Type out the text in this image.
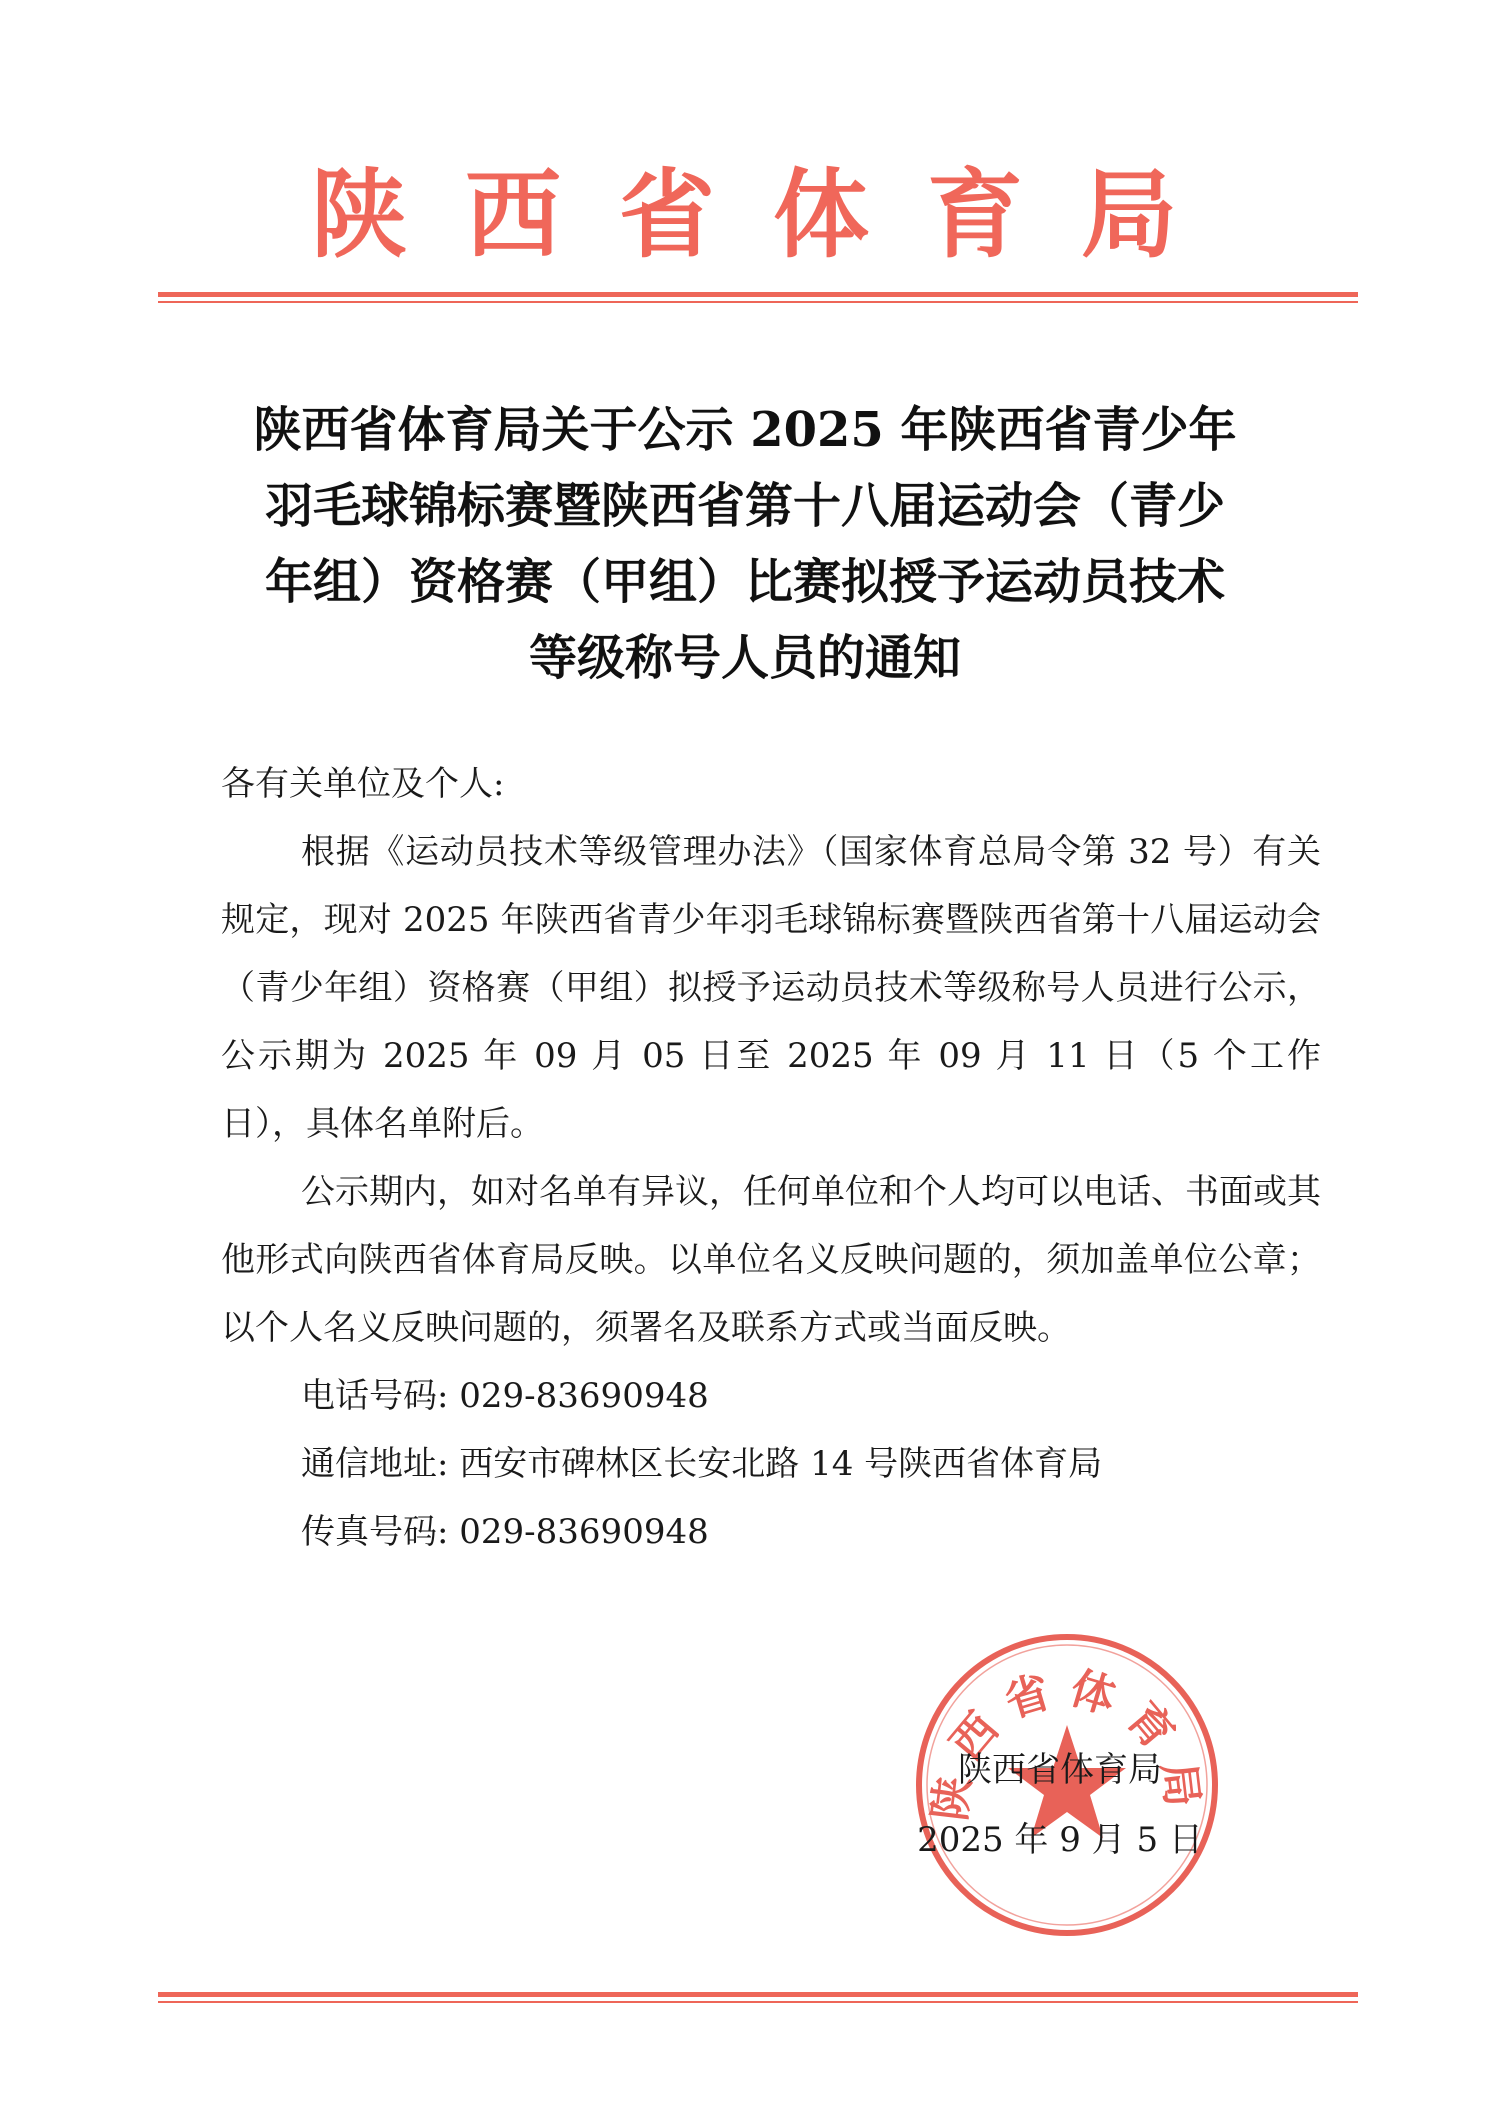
陕西省体育局
陕西省体育局关于公示 2025 年陕西省青少年
羽毛球锦标赛暨陕西省第十八届运动会（青少
年组）资格赛（甲组）比赛拟授予运动员技术
等级称号人员的通知

各有关单位及个人:

根据《运动员技术等级管理办法》（国家体育总局令第 32 号）有关规定，现对 2025 年陕西省青少年羽毛球锦标赛暨陕西省第十八届运动会（青少年组）资格赛（甲组）拟授予运动员技术等级称号人员进行公示，公示期为 2025 年 09 月 05 日至 2025 年 09 月 11 日（5 个工作日），具体名单附后。

公示期内，如对名单有异议，任何单位和个人均可以电话、书面或其他形式向陕西省体育局反映。以单位名义反映问题的，须加盖单位公章；以个人名义反映问题的，须署名及联系方式或当面反映。

电话号码: 029-83690948

通信地址: 西安市碑林区长安北路 14 号陕西省体育局

传真号码: 029-83690948

陕西省体育局
陕西省体育局
2025 年 9 月 5 日
